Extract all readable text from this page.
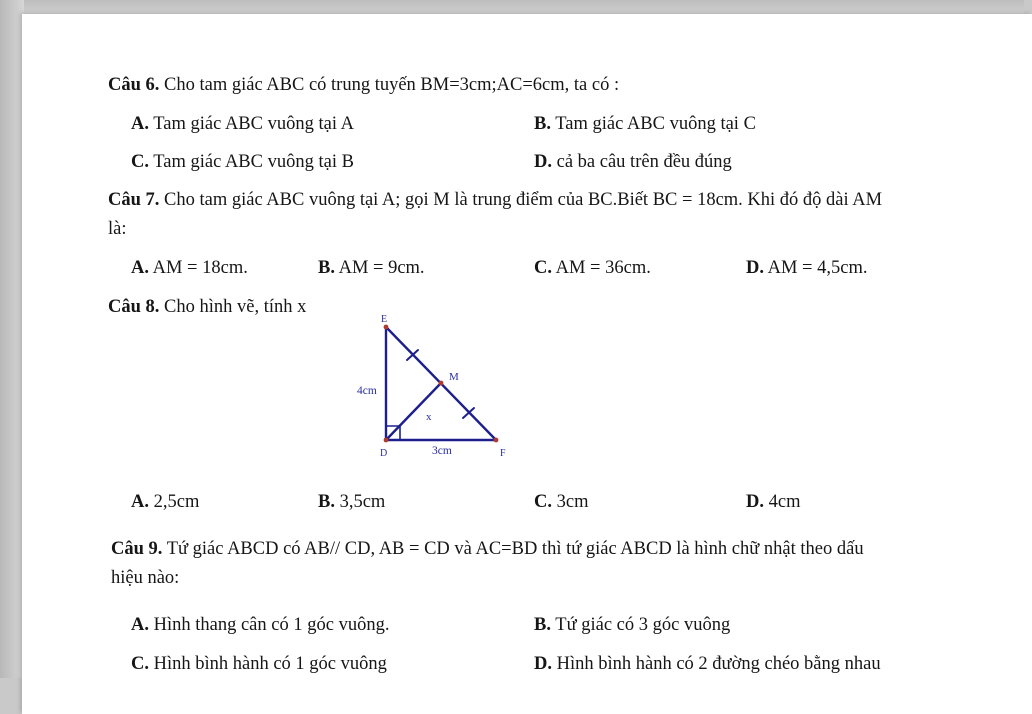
Câu 6. Cho tam giác ABC có trung tuyến BM=3cm;AC=6cm, ta có :
A. Tam giác ABC vuông tại A	B. Tam giác ABC vuông tại C
C. Tam giác ABC vuông tại B	D. cả ba câu trên đều đúng
Câu 7. Cho tam giác ABC vuông tại A; gọi M là trung điểm của BC.Biết BC = 18cm. Khi đó độ dài AM
là:
A. AM = 18cm.	B. AM = 9cm.	C. AM = 36cm.	D. AM = 4,5cm.
Câu 8. Cho hình vẽ, tính x
E
M
D	F
4cm
3cm
x
A. 2,5cm	B. 3,5cm	C. 3cm	D. 4cm
Câu 9. Tứ giác ABCD có AB// CD, AB = CD và AC=BD thì tứ giác ABCD là hình chữ nhật theo dấu
hiệu nào:
A. Hình thang cân có 1 góc vuông.	B. Tứ giác có 3 góc vuông
C. Hình bình hành có 1 góc vuông	D. Hình bình hành có 2 đường chéo bằng nhau
